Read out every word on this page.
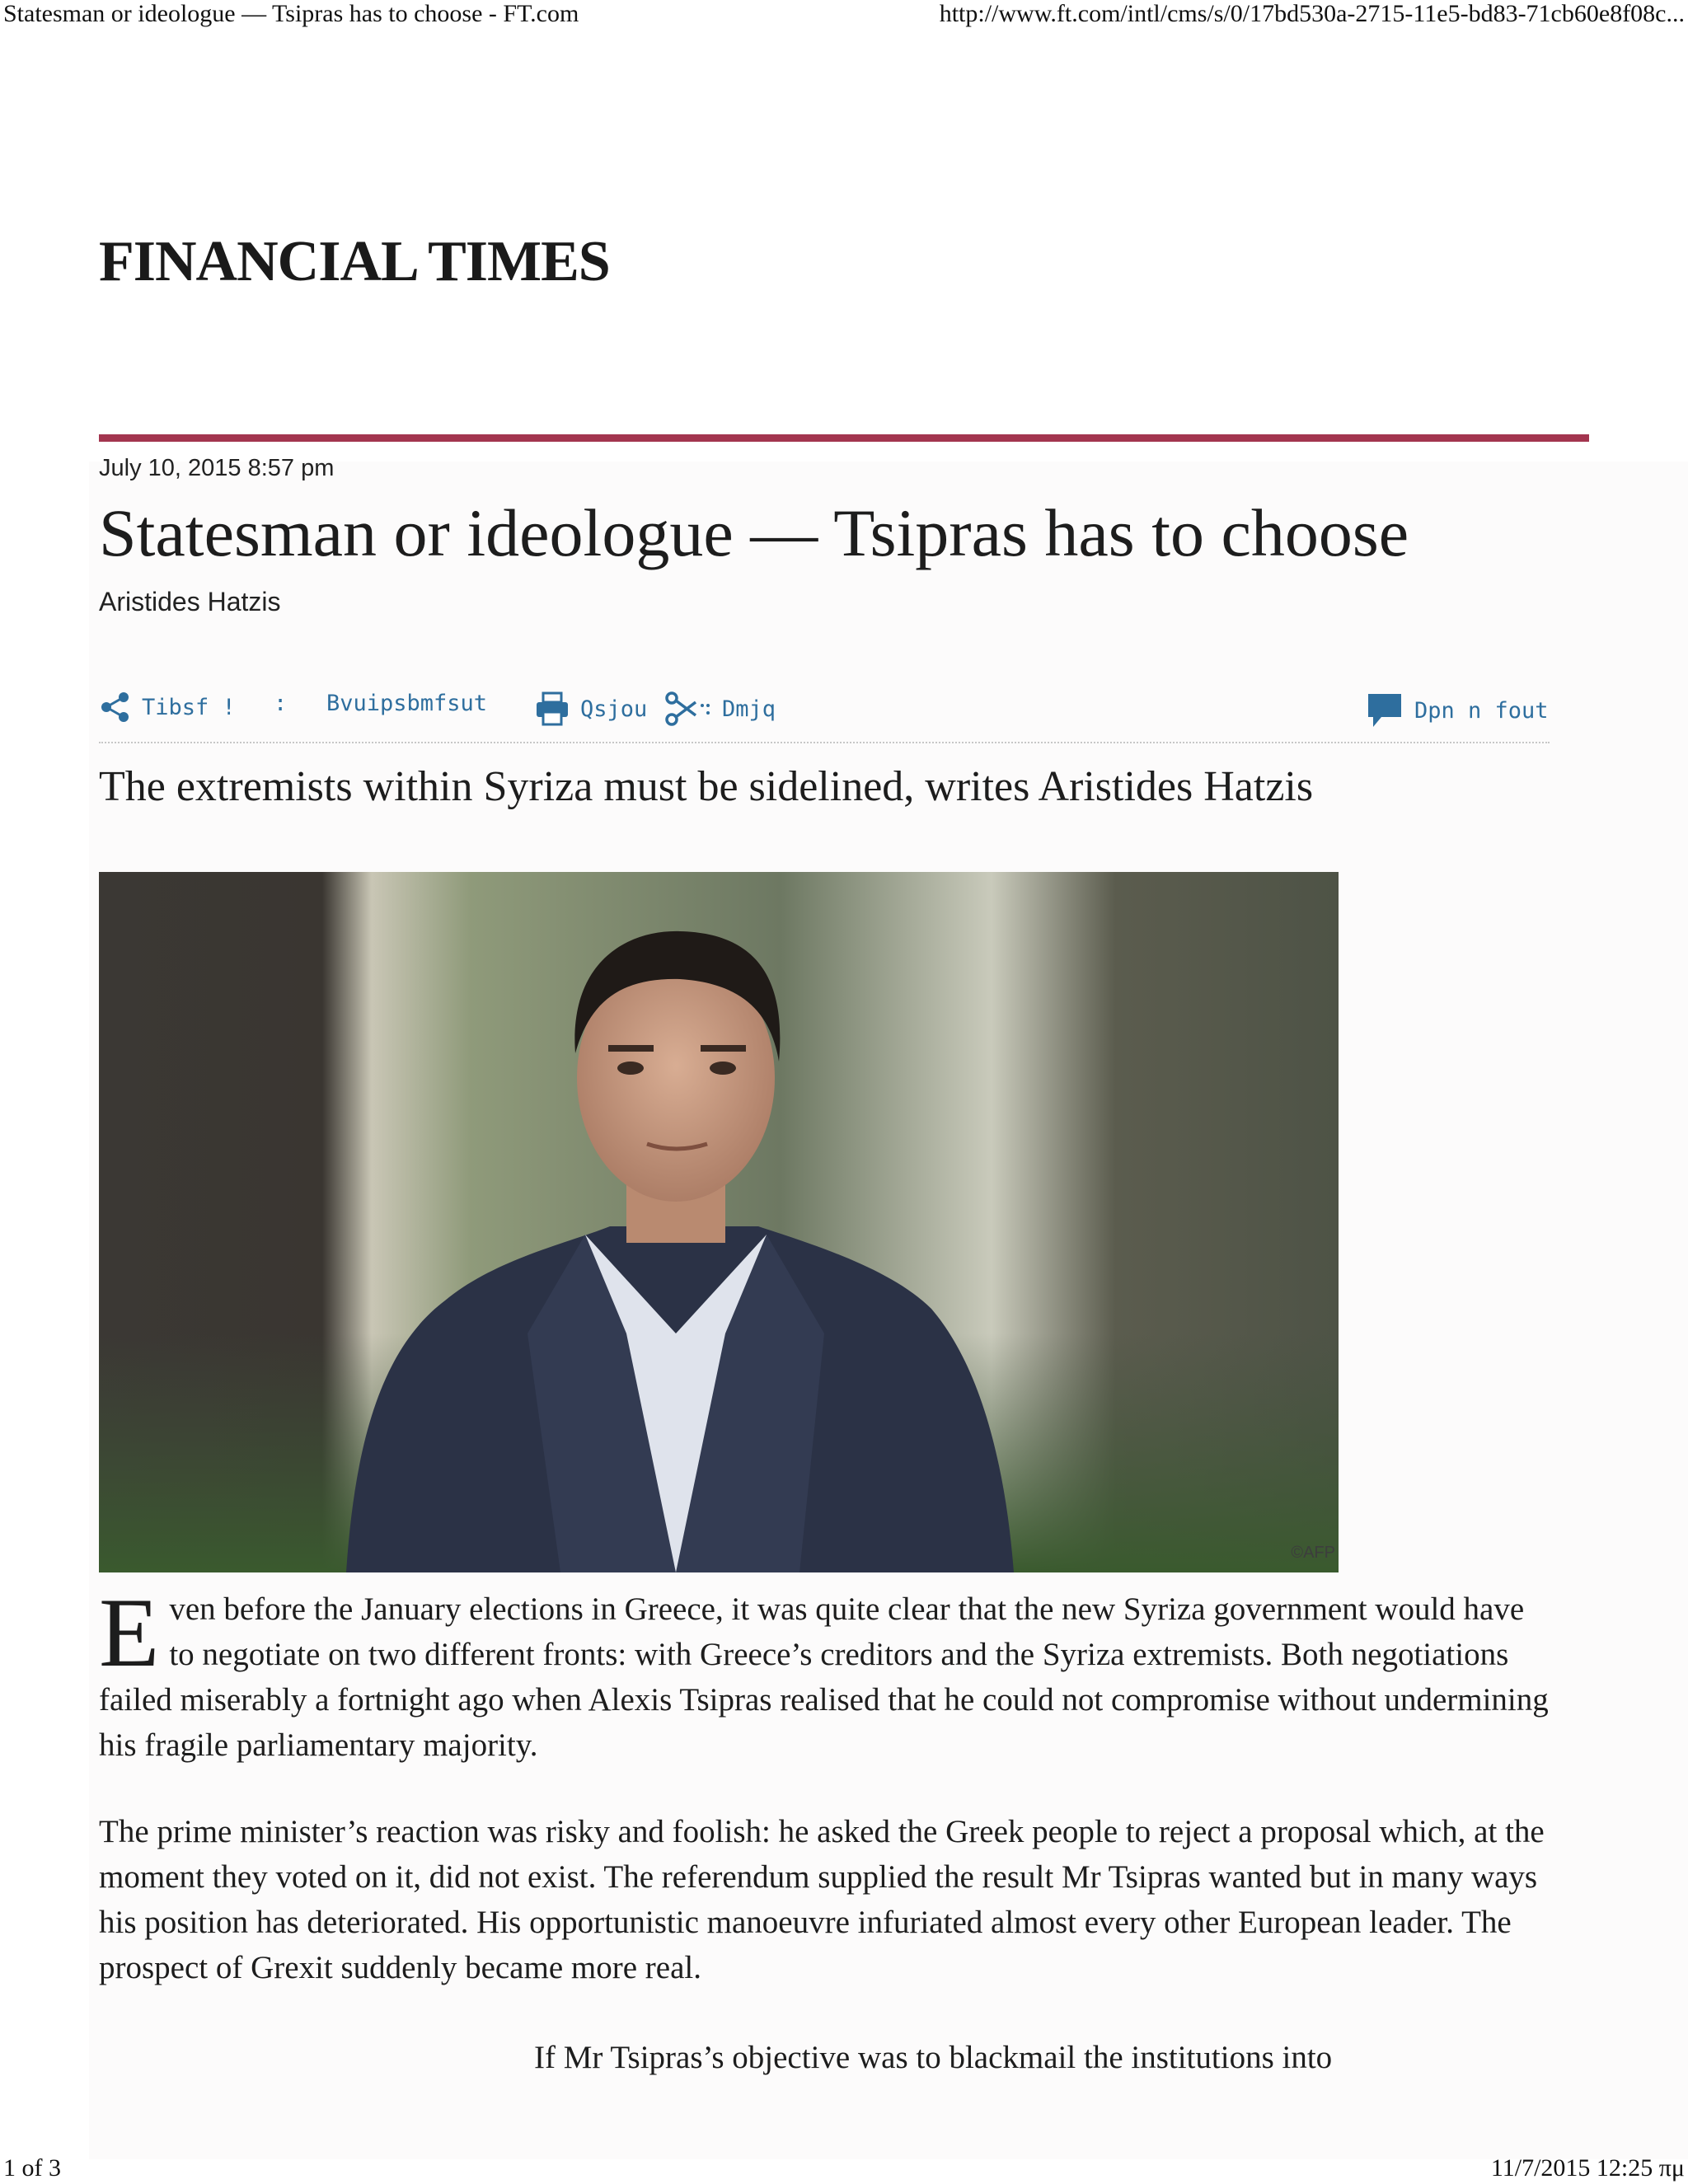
Statesman or ideologue — Tsipras has to choose - FT.com	http://www.ft.com/intl/cms/s/0/17bd530a-2715-11e5-bd83-71cb60e8f08c...
FINANCIAL TIMES
July 10, 2015 8:57 pm
Statesman or ideologue — Tsipras has to choose
Aristides Hatzis
Tibsf ! : Bvuipsbmfsut	Qsjou	Dmjq	Dpn n fout
The extremists within Syriza must be sidelined, writes Aristides Hatzis
©AFP

Even before the January elections in Greece, it was quite clear that the new Syriza government would have to negotiate on two different fronts: with Greece’s creditors and the Syriza extremists. Both negotiations failed miserably a fortnight ago when Alexis Tsipras realised that he could not compromise without undermining his fragile parliamentary majority.

The prime minister’s reaction was risky and foolish: he asked the Greek people to reject a proposal which, at the moment they voted on it, did not exist. The referendum supplied the result Mr Tsipras wanted but in many ways his position has deteriorated. His opportunistic manoeuvre infuriated almost every other European leader. The prospect of Grexit suddenly became more real.

If Mr Tsipras’s objective was to blackmail the institutions into

1 of 3	11/7/2015 12:25 πμ
